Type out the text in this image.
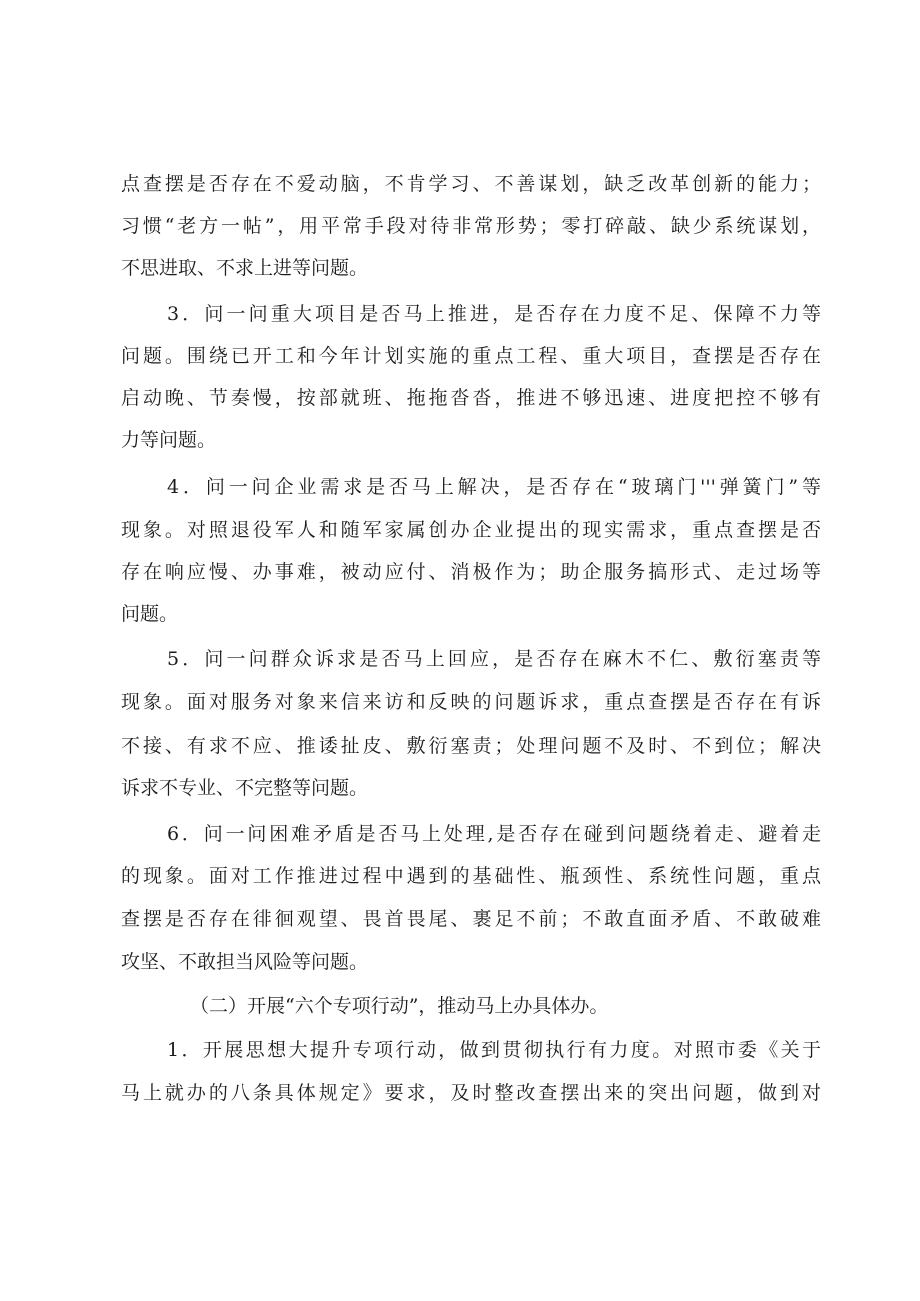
点查摆是否存在不爱动脑，不肯学习、不善谋划，缺乏改革创新的能力；
习惯“老方一帖”，用平常手段对待非常形势；零打碎敲、缺少系统谋划，
不思进取、不求上进等问题。
3．问一问重大项目是否马上推进，是否存在力度不足、保障不力等
问题。围绕已开工和今年计划实施的重点工程、重大项目，查摆是否存在
启动晚、节奏慢，按部就班、拖拖沓沓，推进不够迅速、进度把控不够有
力等问题。
4．问一问企业需求是否马上解决，是否存在“玻璃门'''弹簧门”等
现象。对照退役军人和随军家属创办企业提出的现实需求，重点查摆是否
存在响应慢、办事难，被动应付、消极作为；助企服务搞形式、走过场等
问题。
5．问一问群众诉求是否马上回应，是否存在麻木不仁、敷衍塞责等
现象。面对服务对象来信来访和反映的问题诉求，重点查摆是否存在有诉
不接、有求不应、推诿扯皮、敷衍塞责；处理问题不及时、不到位；解决
诉求不专业、不完整等问题。
6．问一问困难矛盾是否马上处理,是否存在碰到问题绕着走、避着走
的现象。面对工作推进过程中遇到的基础性、瓶颈性、系统性问题，重点
查摆是否存在徘徊观望、畏首畏尾、裹足不前；不敢直面矛盾、不敢破难
攻坚、不敢担当风险等问题。
（二）开展“六个专项行动”，推动马上办具体办。
1．开展思想大提升专项行动，做到贯彻执行有力度。对照市委《关于
马上就办的八条具体规定》要求，及时整改查摆出来的突出问题，做到对
